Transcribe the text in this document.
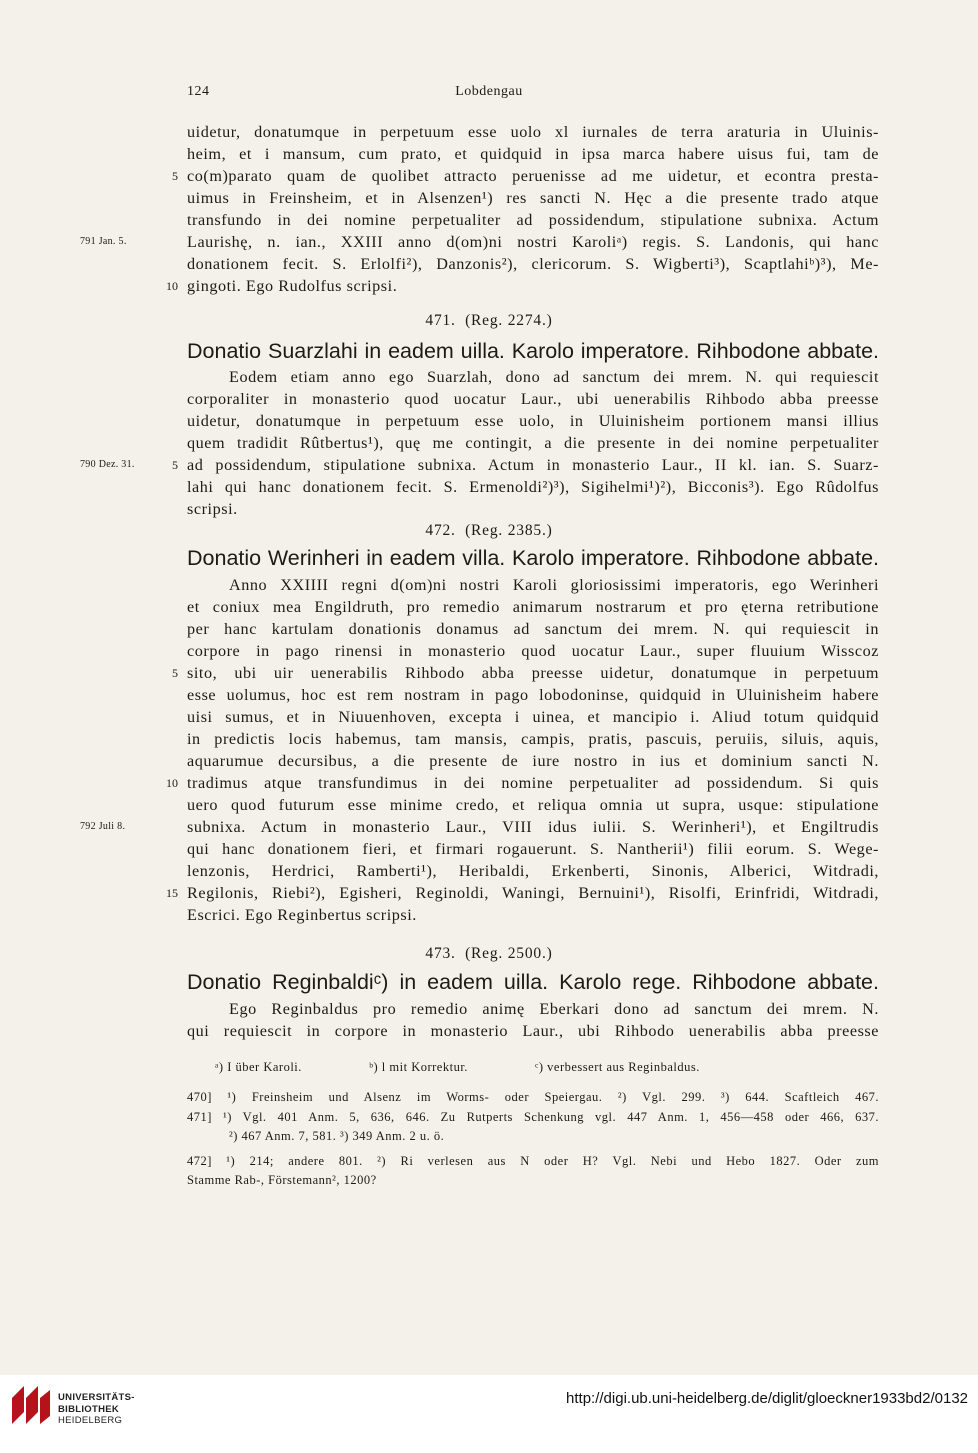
124	Lobdengau
uidetur, donatumque in perpetuum esse uolo xl iurnales de terra araturia in Uluinis-
heim, et i mansum, cum prato, et quidquid in ipsa marca habere uisus fui, tam de
co(m)parato quam de quolibet attracto peruenisse ad me uidetur, et econtra presta-
uimus in Freinsheim, et in Alsenzen¹) res sancti N. Hęc a die presente trado atque
transfundo in dei nomine perpetualiter ad possidendum, stipulatione subnixa. Actum
Laurishę, n. ian., XXIII anno d(om)ni nostri Karoliᵃ) regis. S. Landonis, qui hanc
donationem fecit. S. Erlolfi²), Danzonis²), clericorum. S. Wigberti³), Scaptlahiᵇ)³), Me-
gingoti. Ego Rudolfus scripsi.
5
10
791 Jan. 5.
471. (Reg. 2274.)
Donatio Suarzlahi in eadem uilla. Karolo imperatore. Rihbodone abbate.
Eodem etiam anno ego Suarzlah, dono ad sanctum dei mrem. N. qui requiescit
corporaliter in monasterio quod uocatur Laur., ubi uenerabilis Rihbodo abba preesse
uidetur, donatumque in perpetuum esse uolo, in Uluinisheim portionem mansi illius
quem tradidit Rûtbertus¹), quę me contingit, a die presente in dei nomine perpetualiter
ad possidendum, stipulatione subnixa. Actum in monasterio Laur., II kl. ian. S. Suarz-
lahi qui hanc donationem fecit. S. Ermenoldi²)³), Sigihelmi¹)²), Bicconis³). Ego Rûdolfus
scripsi.
5
790 Dez. 31.
472. (Reg. 2385.)
Donatio Werinheri in eadem villa. Karolo imperatore. Rihbodone abbate.
Anno XXIIII regni d(om)ni nostri Karoli gloriosissimi imperatoris, ego Werinheri
et coniux mea Engildruth, pro remedio animarum nostrarum et pro ęterna retributione
per hanc kartulam donationis donamus ad sanctum dei mrem. N. qui requiescit in
corpore in pago rinensi in monasterio quod uocatur Laur., super fluuium Wisscoz
sito, ubi uir uenerabilis Rihbodo abba preesse uidetur, donatumque in perpetuum
esse uolumus, hoc est rem nostram in pago lobodoninse, quidquid in Uluinisheim habere
uisi sumus, et in Niuuenhoven, excepta i uinea, et mancipio i. Aliud totum quidquid
in predictis locis habemus, tam mansis, campis, pratis, pascuis, peruiis, siluis, aquis,
aquarumue decursibus, a die presente de iure nostro in ius et dominium sancti N.
tradimus atque transfundimus in dei nomine perpetualiter ad possidendum. Si quis
uero quod futurum esse minime credo, et reliqua omnia ut supra, usque: stipulatione
subnixa. Actum in monasterio Laur., VIII idus iulii. S. Werinheri¹), et Engiltrudis
qui hanc donationem fieri, et firmari rogauerunt. S. Nantherii¹) filii eorum. S. Wege-
lenzonis, Herdrici, Ramberti¹), Heribaldi, Erkenberti, Sinonis, Alberici, Witdradi,
Regilonis, Riebi²), Egisheri, Reginoldi, Waningi, Bernuini¹), Risolfi, Erinfridi, Witdradi,
Escrici. Ego Reginbertus scripsi.
5
10
15
792 Juli 8.
473. (Reg. 2500.)
Donatio Reginbaldiᶜ) in eadem uilla. Karolo rege. Rihbodone abbate.
Ego Reginbaldus pro remedio animę Eberkari dono ad sanctum dei mrem. N.
qui requiescit in corpore in monasterio Laur., ubi Rihbodo uenerabilis abba preesse
ᵃ) I über Karoli.	ᵇ) l mit Korrektur.	ᶜ) verbessert aus Reginbaldus.
470] ¹) Freinsheim und Alsenz im Worms- oder Speiergau. ²) Vgl. 299. ³) 644. Scaftleich 467.
471] ¹) Vgl. 401 Anm. 5, 636, 646. Zu Rutperts Schenkung vgl. 447 Anm. 1, 456—458 oder 466, 637.
²) 467 Anm. 7, 581. ³) 349 Anm. 2 u. ö.
472] ¹) 214; andere 801. ²) Ri verlesen aus N oder H? Vgl. Nebi und Hebo 1827. Oder zum
Stamme Rab-, Förstemann², 1200?
UNIVERSITÄTS-
BIBLIOTHEK
HEIDELBERG
http://digi.ub.uni-heidelberg.de/diglit/gloeckner1933bd2/0132
